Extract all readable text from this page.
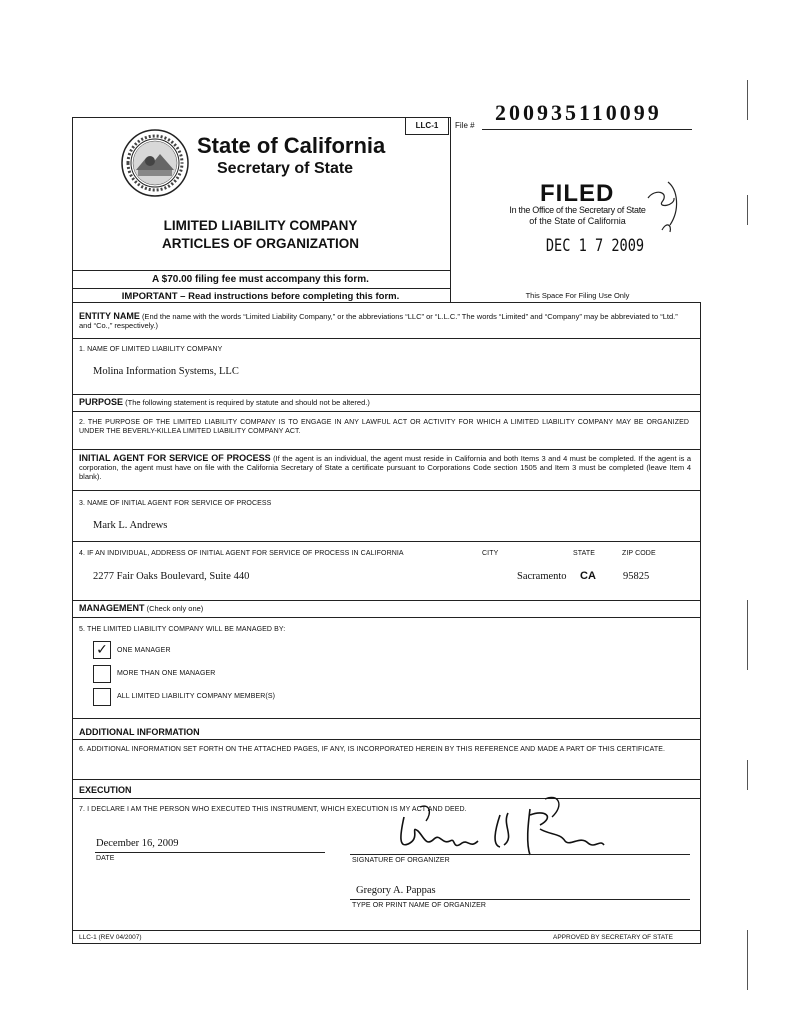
File #
200935110099
LLC-1
State of California
Secretary of State
LIMITED LIABILITY COMPANY
ARTICLES OF ORGANIZATION
A $70.00 filing fee must accompany this form.
IMPORTANT – Read instructions before completing this form.
FILED
In the Office of the Secretary of State
of the State of California
DEC 1 7 2009
This Space For Filing Use Only
ENTITY NAME (End the name with the words “Limited Liability Company,” or the abbreviations “LLC” or “L.L.C.” The words “Limited” and “Company” may be abbreviated to “Ltd.” and “Co.,” respectively.)
1. NAME OF LIMITED LIABILITY COMPANY
Molina Information Systems, LLC
PURPOSE (The following statement is required by statute and should not be altered.)
2. THE PURPOSE OF THE LIMITED LIABILITY COMPANY IS TO ENGAGE IN ANY LAWFUL ACT OR ACTIVITY FOR WHICH A LIMITED LIABILITY COMPANY MAY BE ORGANIZED UNDER THE BEVERLY-KILLEA LIMITED LIABILITY COMPANY ACT.
INITIAL AGENT FOR SERVICE OF PROCESS (If the agent is an individual, the agent must reside in California and both Items 3 and 4 must be completed. If the agent is a corporation, the agent must have on file with the California Secretary of State a certificate pursuant to Corporations Code section 1505 and Item 3 must be completed (leave Item 4 blank).
3. NAME OF INITIAL AGENT FOR SERVICE OF PROCESS
Mark L. Andrews
4. IF AN INDIVIDUAL, ADDRESS OF INITIAL AGENT FOR SERVICE OF PROCESS IN CALIFORNIA	CITY	STATE	ZIP CODE
2277 Fair Oaks Boulevard, Suite 440	Sacramento CA	95825
MANAGEMENT (Check only one)
5. THE LIMITED LIABILITY COMPANY WILL BE MANAGED BY:
✓	ONE MANAGER
MORE THAN ONE MANAGER
ALL LIMITED LIABILITY COMPANY MEMBER(S)
ADDITIONAL INFORMATION
6. ADDITIONAL INFORMATION SET FORTH ON THE ATTACHED PAGES, IF ANY, IS INCORPORATED HEREIN BY THIS REFERENCE AND MADE A PART OF THIS CERTIFICATE.
EXECUTION
7. I DECLARE I AM THE PERSON WHO EXECUTED THIS INSTRUMENT, WHICH EXECUTION IS MY ACT AND DEED.
December 16, 2009
DATE	SIGNATURE OF ORGANIZER
Gregory A. Pappas
TYPE OR PRINT NAME OF ORGANIZER
LLC-1 (REV 04/2007)	APPROVED BY SECRETARY OF STATE
